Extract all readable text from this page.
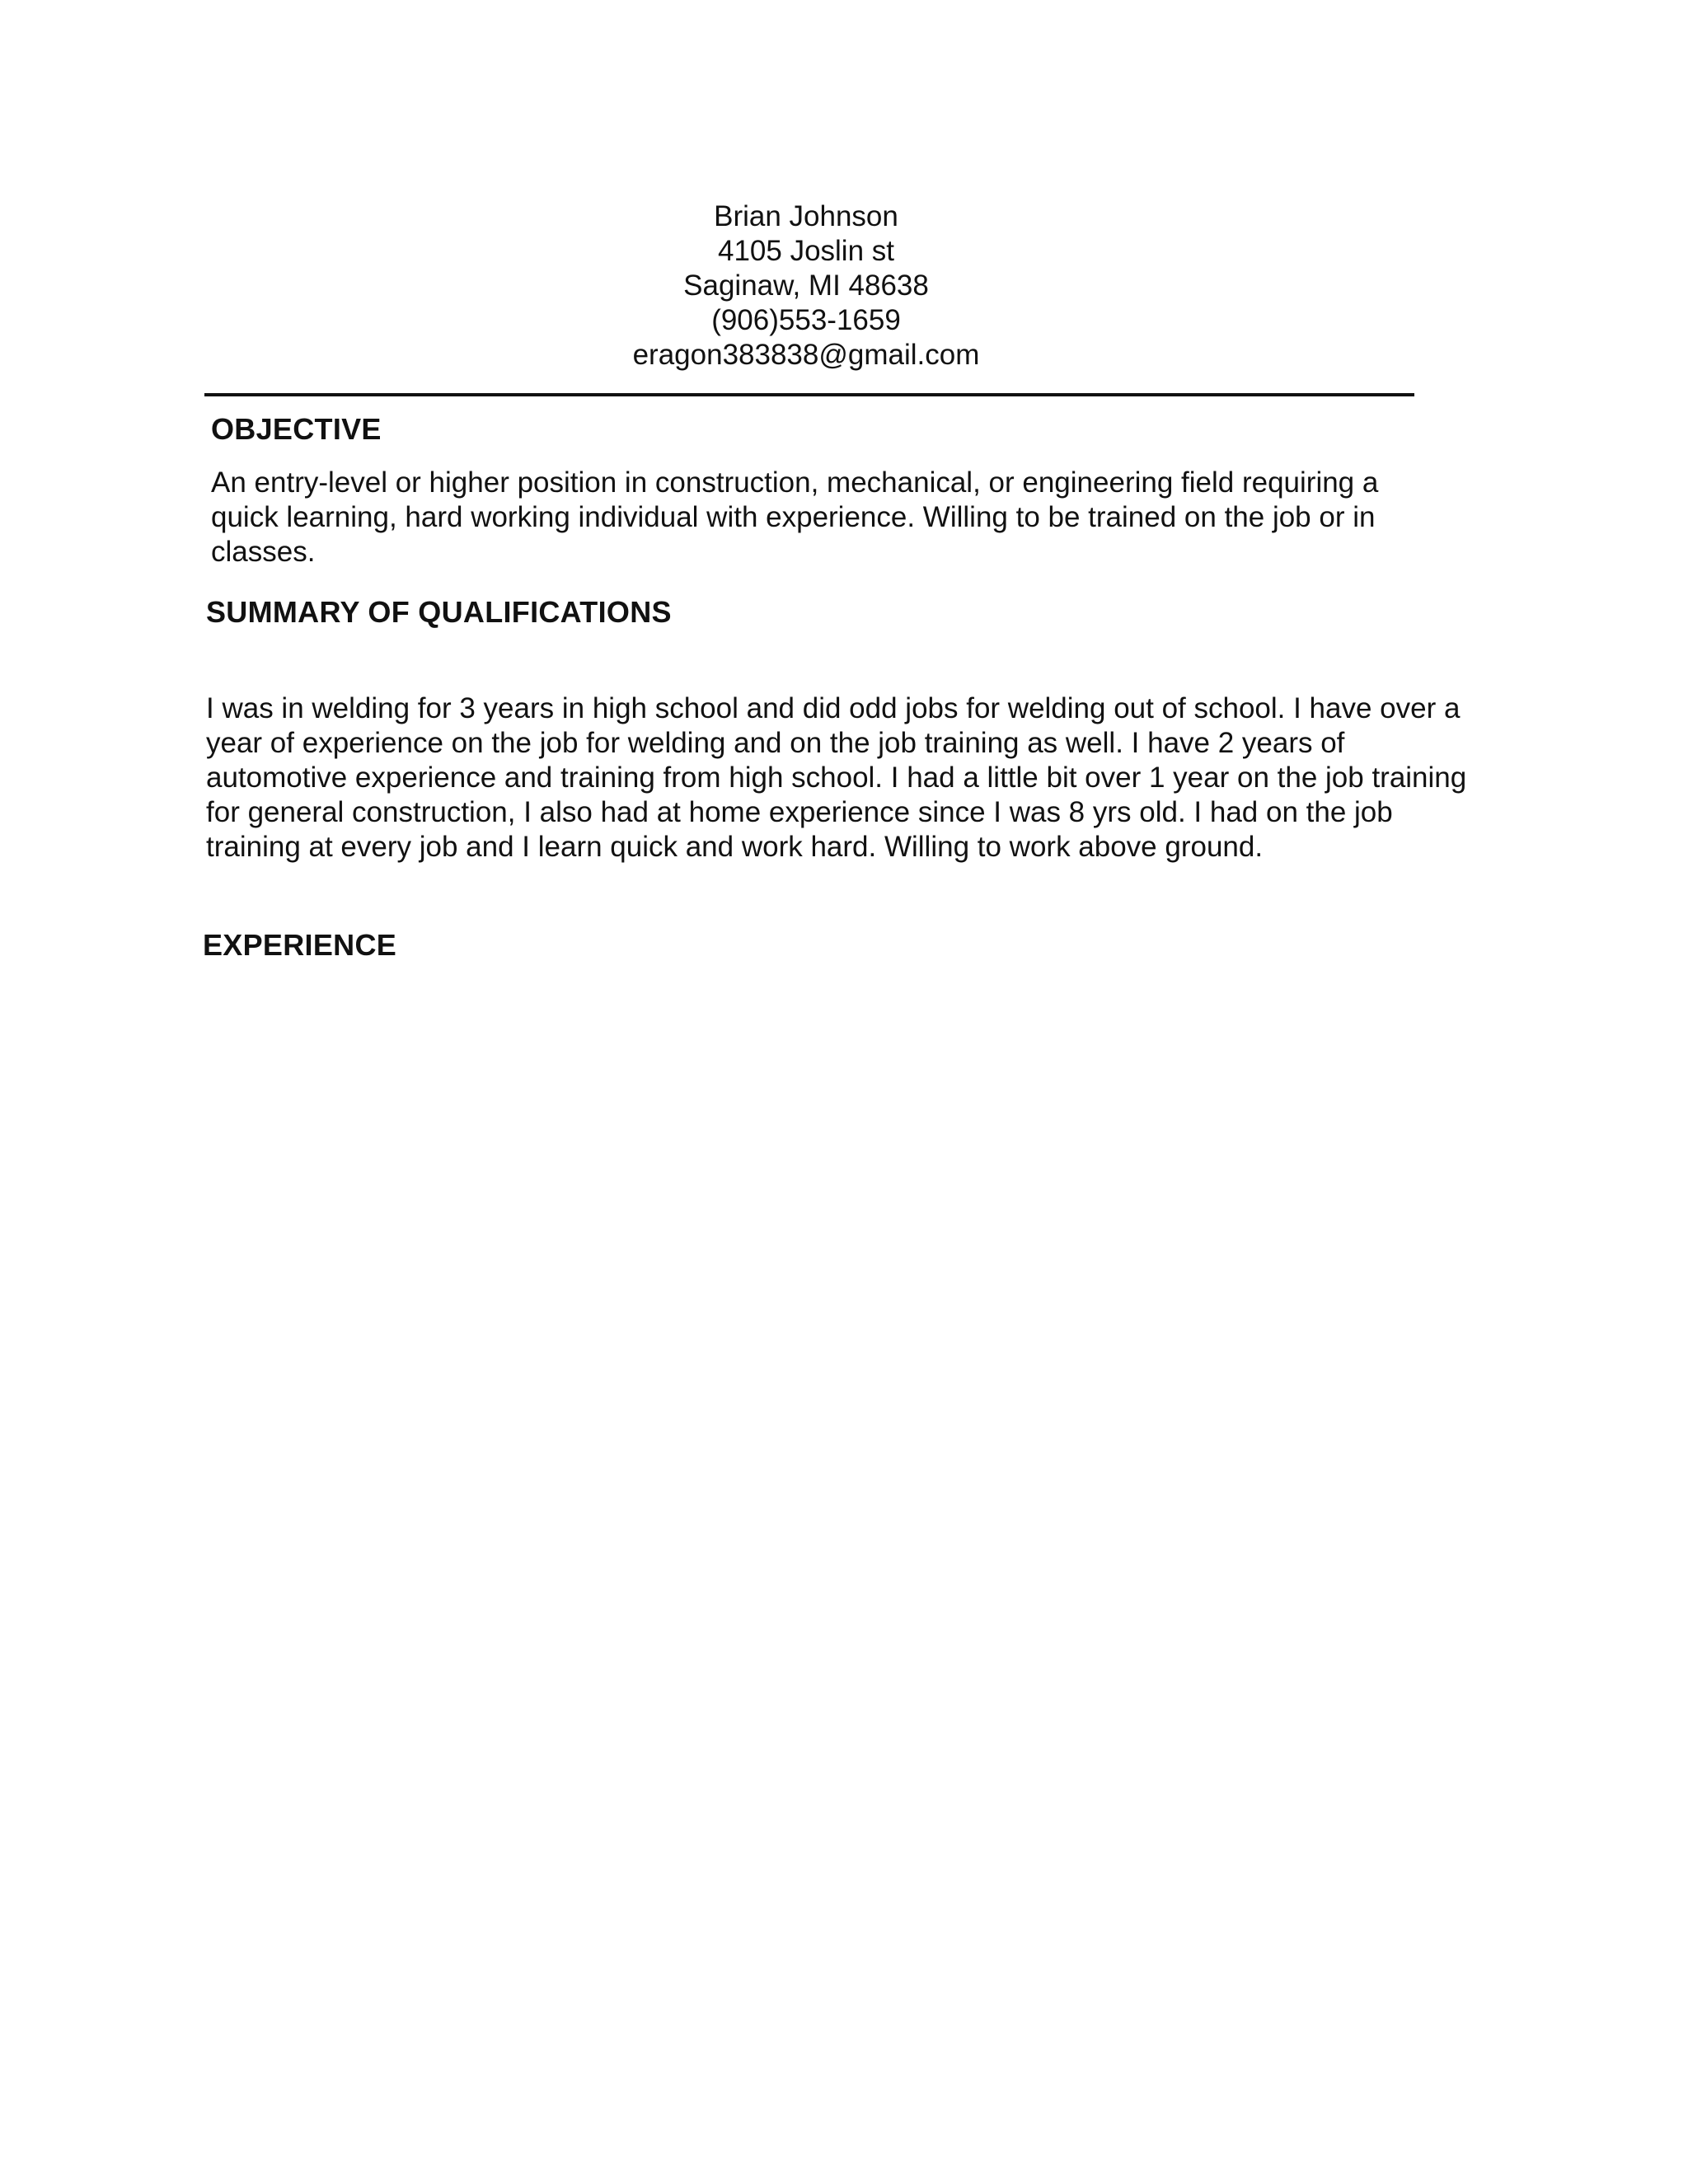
Brian Johnson
4105 Joslin st
Saginaw, MI 48638
(906)553-1659
eragon383838@gmail.com
OBJECTIVE
An entry-level or higher position in construction, mechanical, or engineering field requiring a
quick learning, hard working individual with experience. Willing to be trained on the job or in
classes.
SUMMARY OF QUALIFICATIONS
I was in welding for 3 years in high school and did odd jobs for welding out of school. I have over a
year of experience on the job for welding and on the job training as well. I have 2 years of
automotive experience and training from high school. I had a little bit over 1 year on the job training
for general construction, I also had at home experience since I was 8 yrs old. I had on the job
training at every job and I learn quick and work hard. Willing to work above ground.
EXPERIENCE
